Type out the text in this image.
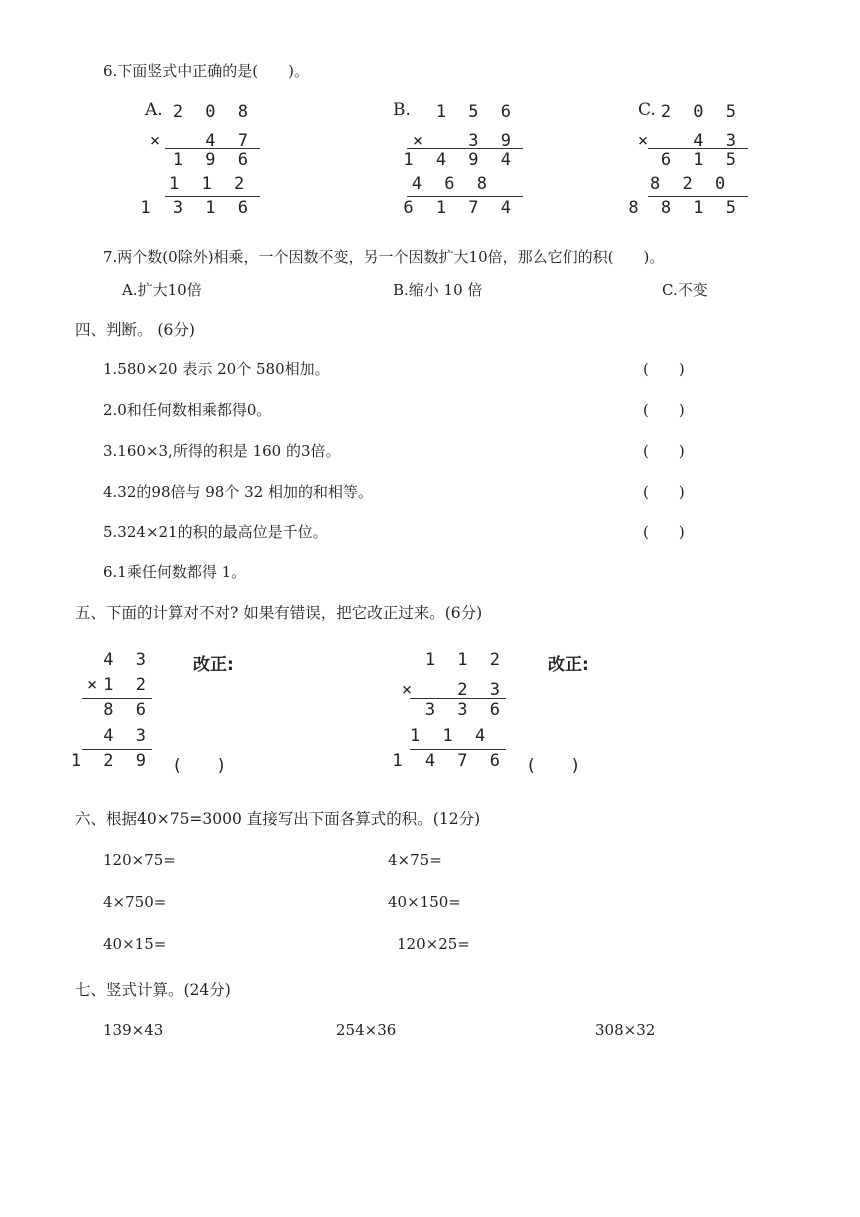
6.下面竖式中正确的是(　　)。
A. 2 0 8
× 　4 7
1 9 6
1 1 2
1 3 1 6
B. 1 5 6
× 　3 9
1 4 9 4
4 6 8
6 1 7 4
C. 2 0 5
× 　4 3
6 1 5
8 2 0
8 8 1 5
7.两个数(0除外)相乘，一个因数不变，另一个因数扩大10倍，那么它们的积(　　)。
A.扩大10倍	B.缩小 10 倍	C.不变
四、判断。 (6分)
1.580×20 表示 20个 580相加。	(　　)
2.0和任何数相乘都得0。	(　　)
3.160×3,所得的积是 160 的3倍。	(　　)
4.32的98倍与 98个 32 相加的和相等。	(　　)
5.324×21的积的最高位是千位。	(　　)
6.1乘任何数都得 1。
五、下面的计算对不对? 如果有错误，把它改正过来。(6分)
4 3
×1 2
8 6
4 3
1 2 9 (　　)
改正:	1 1 2
× 　2 3
3 3 6
1 1 4
1 4 7 6 (　　)
改正:
六、根据40×75=3000 直接写出下面各算式的积。(12分)
120×75=	4×75=
4×750=	40×150=
40×15=	120×25=
七、竖式计算。(24分)
139×43	254×36	308×32
